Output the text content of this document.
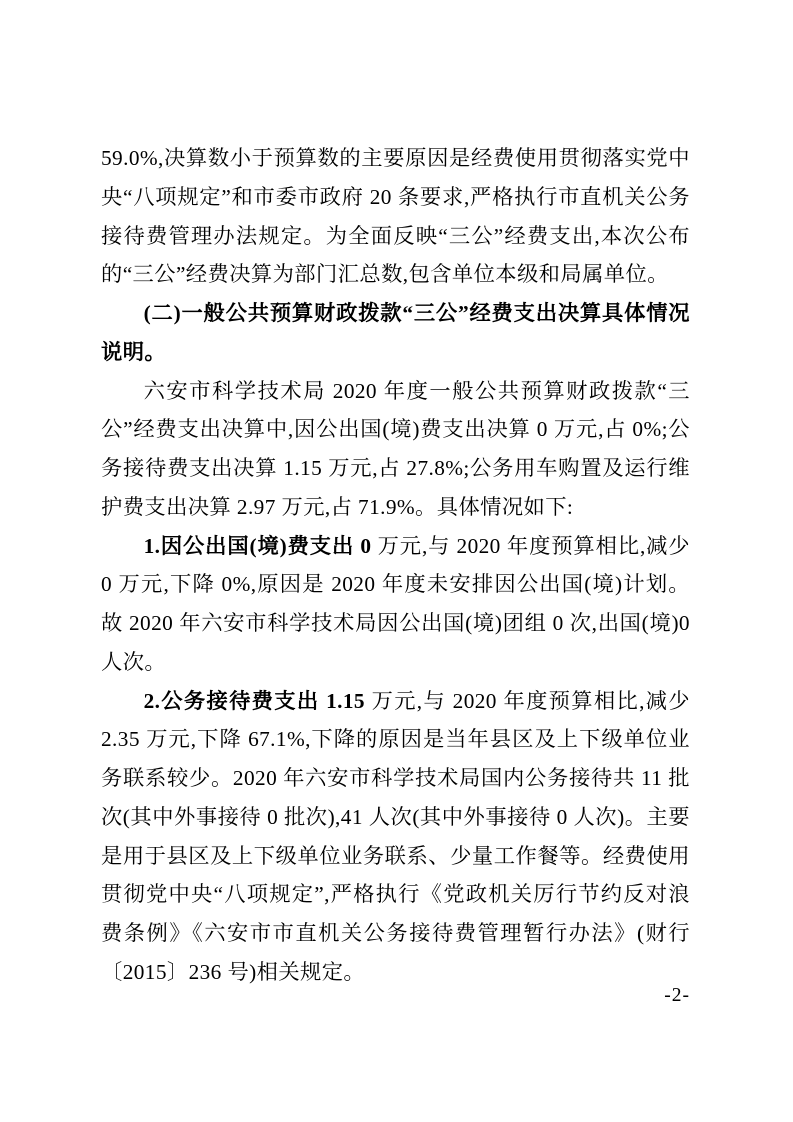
59.0%,决算数小于预算数的主要原因是经费使用贯彻落实党中央“八项规定”和市委市政府 20 条要求,严格执行市直机关公务接待费管理办法规定。为全面反映“三公”经费支出,本次公布的“三公”经费决算为部门汇总数,包含单位本级和局属单位。

(二)一般公共预算财政拨款“三公”经费支出决算具体情况说明。

六安市科学技术局 2020 年度一般公共预算财政拨款“三公”经费支出决算中,因公出国(境)费支出决算 0 万元,占 0%;公务接待费支出决算 1.15 万元,占 27.8%;公务用车购置及运行维护费支出决算 2.97 万元,占 71.9%。具体情况如下:

1.因公出国(境)费支出 0 万元,与 2020 年度预算相比,减少 0 万元,下降 0%,原因是 2020 年度未安排因公出国(境)计划。故 2020 年六安市科学技术局因公出国(境)团组 0 次,出国(境)0 人次。

2.公务接待费支出 1.15 万元,与 2020 年度预算相比,减少 2.35 万元,下降 67.1%,下降的原因是当年县区及上下级单位业务联系较少。2020 年六安市科学技术局国内公务接待共 11 批次(其中外事接待 0 批次),41 人次(其中外事接待 0 人次)。主要是用于县区及上下级单位业务联系、少量工作餐等。经费使用贯彻党中央“八项规定”,严格执行《党政机关厉行节约反对浪费条例》《六安市市直机关公务接待费管理暂行办法》(财行〔2015〕236 号)相关规定。

-2-
